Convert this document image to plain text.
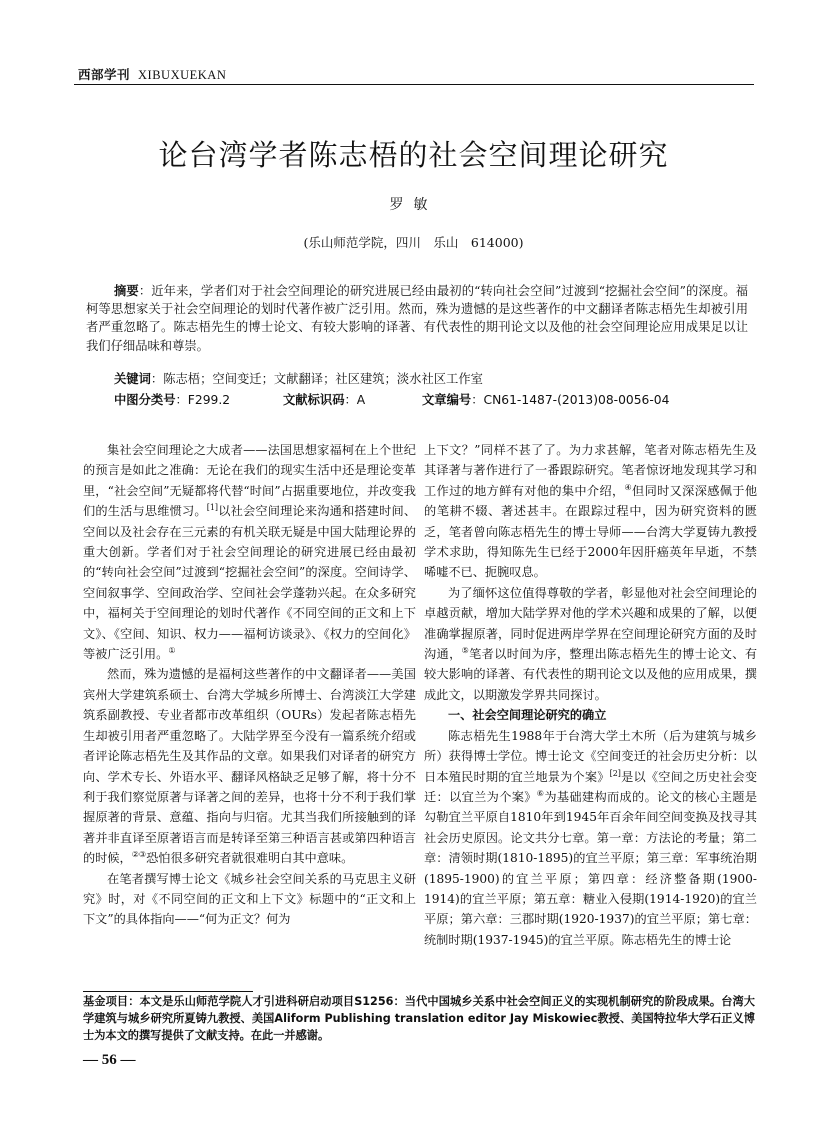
西部学刊 XIBUXUEKAN
论台湾学者陈志梧的社会空间理论研究
罗敏
(乐山师范学院，四川　乐山　614000)
摘要：近年来，学者们对于社会空间理论的研究进展已经由最初的“转向社会空间”过渡到“挖掘社会空间”的深度。福柯等思想家关于社会空间理论的划时代著作被广泛引用。然而，殊为遗憾的是这些著作的中文翻译者陈志梧先生却被引用者严重忽略了。陈志梧先生的博士论文、有较大影响的译著、有代表性的期刊论文以及他的社会空间理论应用成果足以让我们仔细品味和尊崇。
关键词：陈志梧；空间变迁；文献翻译；社区建筑；淡水社区工作室
中图分类号：F299.2	文献标识码：A	文章编号：CN61-1487-(2013)08-0056-04

集社会空间理论之大成者——法国思想家福柯在上个世纪的预言是如此之准确：无论在我们的现实生活中还是理论变革里，“社会空间”无疑都将代替“时间”占据重要地位，并改变我们的生活与思维惯习。[1]以社会空间理论来沟通和搭建时间、空间以及社会存在三元素的有机关联无疑是中国大陆理论界的重大创新。学者们对于社会空间理论的研究进展已经由最初的“转向社会空间”过渡到“挖掘社会空间”的深度。空间诗学、空间叙事学、空间政治学、空间社会学蓬勃兴起。在众多研究中，福柯关于空间理论的划时代著作《不同空间的正文和上下文》、《空间、知识、权力——福柯访谈录》、《权力的空间化》等被广泛引用。①

然而，殊为遗憾的是福柯这些著作的中文翻译者——美国宾州大学建筑系硕士、台湾大学城乡所博士、台湾淡江大学建筑系副教授、专业者都市改革组织（OURs）发起者陈志梧先生却被引用者严重忽略了。大陆学界至今没有一篇系统介绍或者评论陈志梧先生及其作品的文章。如果我们对译者的研究方向、学术专长、外语水平、翻译风格缺乏足够了解，将十分不利于我们察觉原著与译著之间的差异，也将十分不利于我们掌握原著的背景、意蕴、指向与归宿。尤其当我们所接触到的译著并非直译至原著语言而是转译至第三种语言甚或第四种语言的时候，②③恐怕很多研究者就很难明白其中意味。

在笔者撰写博士论文《城乡社会空间关系的马克思主义研究》时，对《不同空间的正文和上下文》标题中的“正文和上下文”的具体指向——“何为正文？何为

上下文？”同样不甚了了。为力求甚解，笔者对陈志梧先生及其译著与著作进行了一番跟踪研究。笔者惊讶地发现其学习和工作过的地方鲜有对他的集中介绍，④但同时又深深感佩于他的笔耕不辍、著述甚丰。在跟踪过程中，因为研究资料的匮乏，笔者曾向陈志梧先生的博士导师——台湾大学夏铸九教授学术求助，得知陈先生已经于2000年因肝癌英年早逝，不禁唏嘘不已、扼腕叹息。

为了缅怀这位值得尊敬的学者，彰显他对社会空间理论的卓越贡献，增加大陆学界对他的学术兴趣和成果的了解，以便准确掌握原著，同时促进两岸学界在空间理论研究方面的及时沟通，⑤笔者以时间为序，整理出陈志梧先生的博士论文、有较大影响的译著、有代表性的期刊论文以及他的应用成果，撰成此文，以期激发学界共同探讨。

一、社会空间理论研究的确立

陈志梧先生1988年于台湾大学土木所（后为建筑与城乡所）获得博士学位。博士论文《空间变迁的社会历史分析：以日本殖民时期的宜兰地景为个案》[2]是以《空间之历史社会变迁：以宜兰为个案》⑥为基础建构而成的。论文的核心主题是勾勒宜兰平原自1810年到1945年百余年间空间变换及找寻其社会历史原因。论文共分七章。第一章：方法论的考量；第二章：清领时期(1810-1895)的宜兰平原；第三章：军事统治期(1895-1900)的宜兰平原；第四章：经济整备期(1900-1914)的宜兰平原；第五章：糖业入侵期(1914-1920)的宜兰平原；第六章：三郡时期(1920-1937)的宜兰平原；第七章：统制时期(1937-1945)的宜兰平原。陈志梧先生的博士论

基金项目：本文是乐山师范学院人才引进科研启动项目S1256：当代中国城乡关系中社会空间正义的实现机制研究的阶段成果。台湾大学建筑与城乡研究所夏铸九教授、美国Aliform Publishing translation editor Jay Miskowiec教授、美国特拉华大学石正义博士为本文的撰写提供了文献支持。在此一并感谢。
— 56 —
